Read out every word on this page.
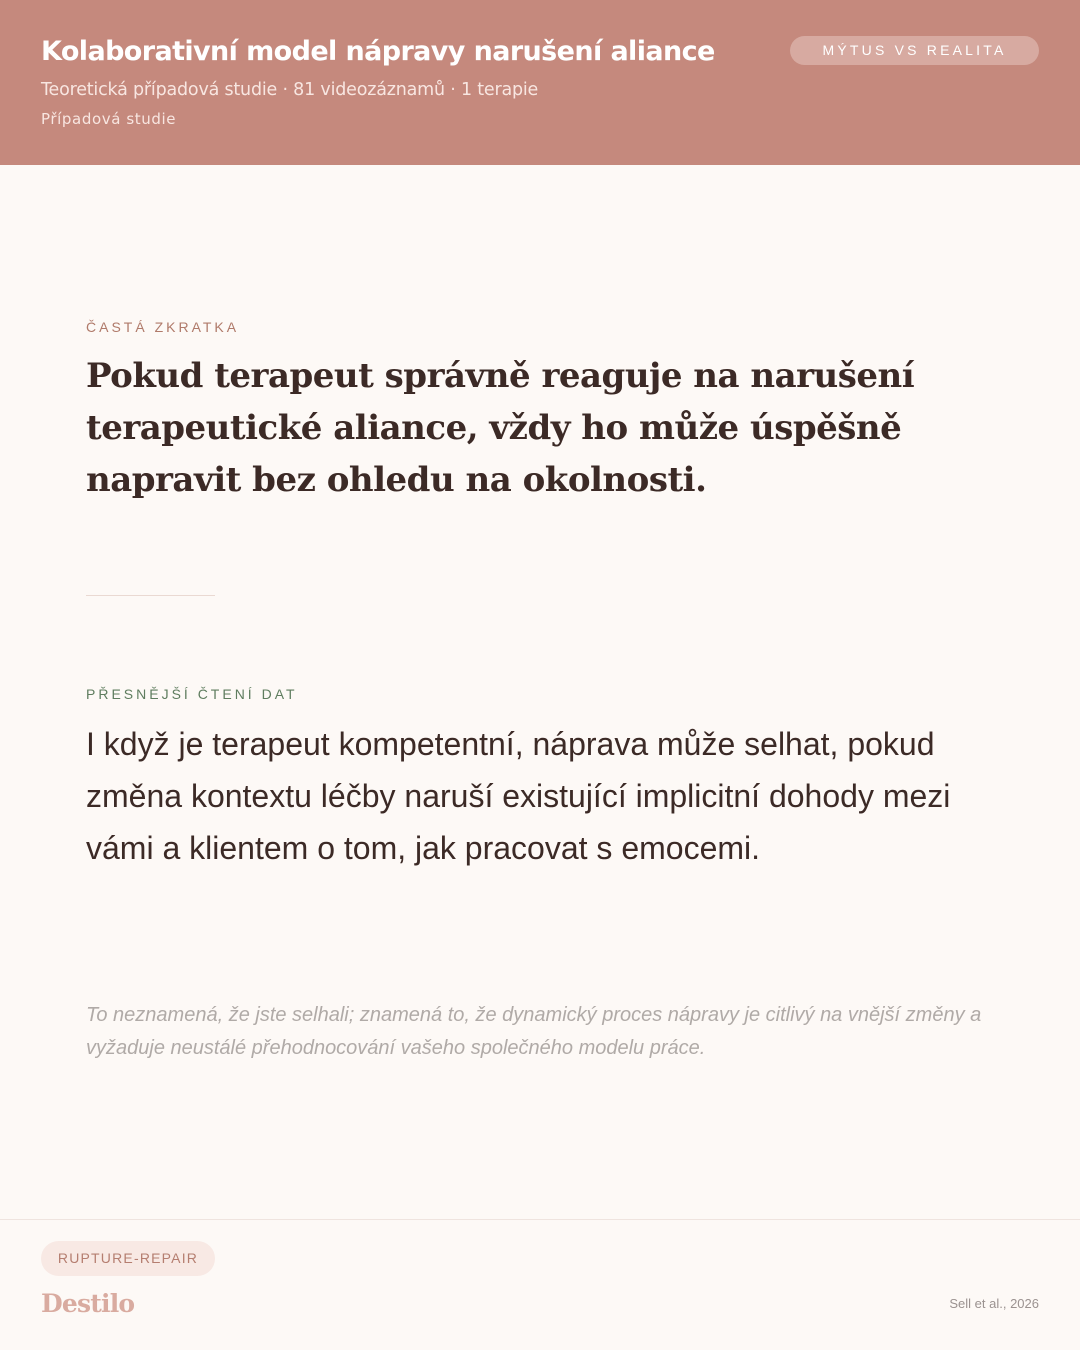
Kolaborativní model nápravy narušení aliance
Teoretická případová studie · 81 videozáznamů · 1 terapie
Případová studie
MÝTUS VS REALITA
ČASTÁ ZKRATKA

Pokud terapeut správně reaguje na narušení terapeutické aliance, vždy ho může úspěšně napravit bez ohledu na okolnosti.

PŘESNĚJŠÍ ČTENÍ DAT

I když je terapeut kompetentní, náprava může selhat, pokud změna kontextu léčby naruší existující implicitní dohody mezi vámi a klientem o tom, jak pracovat s emocemi.

To neznamená, že jste selhali; znamená to, že dynamický proces nápravy je citlivý na vnější změny a vyžaduje neustálé přehodnocování vašeho společného modelu práce.

RUPTURE-REPAIR
Destilo	Sell et al., 2026
